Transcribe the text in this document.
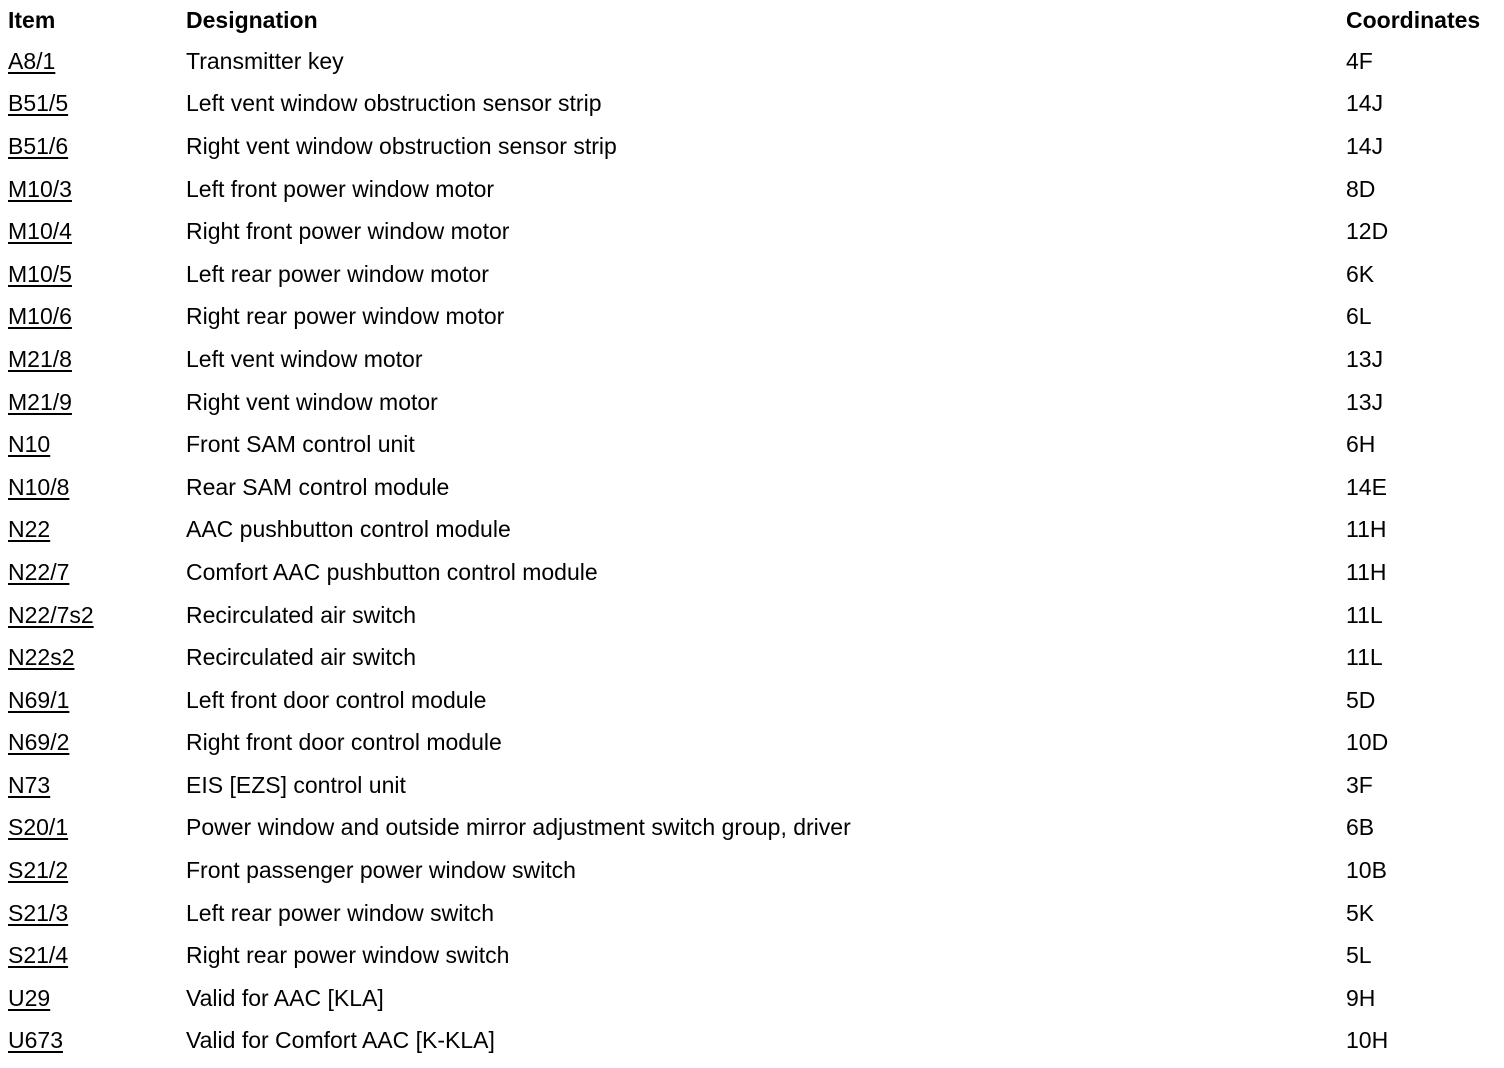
Item	Designation	Coordinates
A8/1	Transmitter key	4F
B51/5	Left vent window obstruction sensor strip	14J
B51/6	Right vent window obstruction sensor strip	14J
M10/3	Left front power window motor	8D
M10/4	Right front power window motor	12D
M10/5	Left rear power window motor	6K
M10/6	Right rear power window motor	6L
M21/8	Left vent window motor	13J
M21/9	Right vent window motor	13J
N10	Front SAM control unit	6H
N10/8	Rear SAM control module	14E
N22	AAC pushbutton control module	11H
N22/7	Comfort AAC pushbutton control module	11H
N22/7s2	Recirculated air switch	11L
N22s2	Recirculated air switch	11L
N69/1	Left front door control module	5D
N69/2	Right front door control module	10D
N73	EIS [EZS] control unit	3F
S20/1	Power window and outside mirror adjustment switch group, driver	6B
S21/2	Front passenger power window switch	10B
S21/3	Left rear power window switch	5K
S21/4	Right rear power window switch	5L
U29	Valid for AAC [KLA]	9H
U673	Valid for Comfort AAC [K-KLA]	10H
